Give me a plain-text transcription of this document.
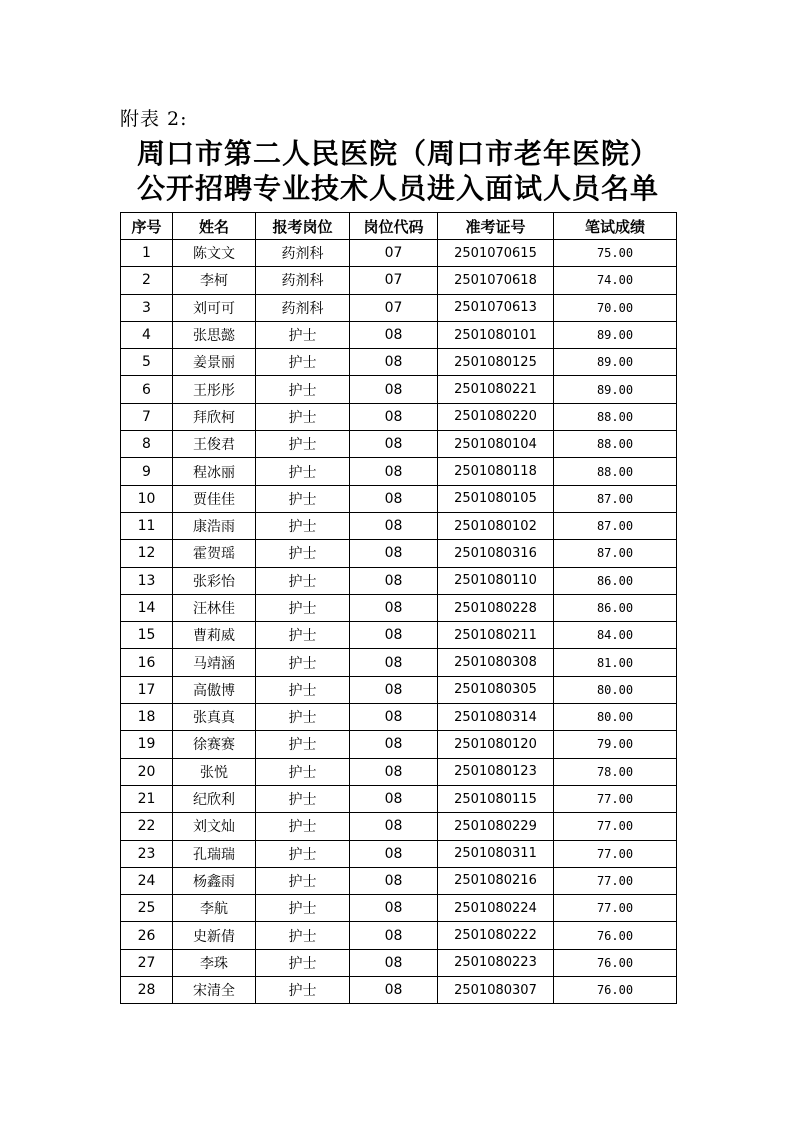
附表 2:
周口市第二人民医院（周口市老年医院）
公开招聘专业技术人员进入面试人员名单
序号	姓名	报考岗位	岗位代码	准考证号	笔试成绩
1	陈文文	药剂科	07	2501070615	75.00
2	李柯	药剂科	07	2501070618	74.00
3	刘可可	药剂科	07	2501070613	70.00
4	张思懿	护士	08	2501080101	89.00
5	姜景丽	护士	08	2501080125	89.00
6	王彤彤	护士	08	2501080221	89.00
7	拜欣柯	护士	08	2501080220	88.00
8	王俊君	护士	08	2501080104	88.00
9	程冰丽	护士	08	2501080118	88.00
10	贾佳佳	护士	08	2501080105	87.00
11	康浩雨	护士	08	2501080102	87.00
12	霍贺瑶	护士	08	2501080316	87.00
13	张彩怡	护士	08	2501080110	86.00
14	汪林佳	护士	08	2501080228	86.00
15	曹莉威	护士	08	2501080211	84.00
16	马靖涵	护士	08	2501080308	81.00
17	高傲博	护士	08	2501080305	80.00
18	张真真	护士	08	2501080314	80.00
19	徐赛赛	护士	08	2501080120	79.00
20	张悦	护士	08	2501080123	78.00
21	纪欣利	护士	08	2501080115	77.00
22	刘文灿	护士	08	2501080229	77.00
23	孔瑞瑞	护士	08	2501080311	77.00
24	杨鑫雨	护士	08	2501080216	77.00
25	李航	护士	08	2501080224	77.00
26	史新倩	护士	08	2501080222	76.00
27	李珠	护士	08	2501080223	76.00
28	宋清全	护士	08	2501080307	76.00
